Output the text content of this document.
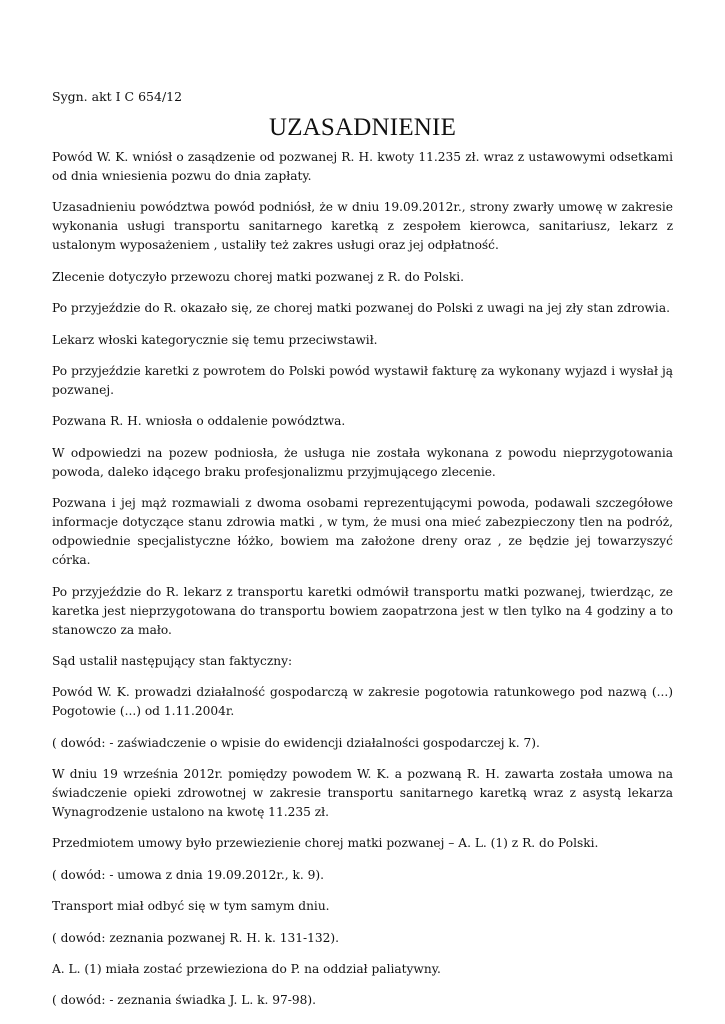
Sygn. akt I C 654/12
UZASADNIENIE

Powód W. K. wniósł o zasądzenie od pozwanej R. H. kwoty 11.235 zł. wraz z ustawowymi odsetkami od dnia wniesienia pozwu do dnia zapłaty.

Uzasadnieniu powództwa powód podniósł, że w dniu 19.09.2012r., strony zwarły umowę w zakresie wykonania usługi transportu sanitarnego karetką z zespołem kierowca, sanitariusz, lekarz z ustalonym wyposażeniem , ustaliły też zakres usługi oraz jej odpłatność.

Zlecenie dotyczyło przewozu chorej matki pozwanej z R. do Polski.

Po przyjeździe do R. okazało się, ze chorej matki pozwanej do Polski z uwagi na jej zły stan zdrowia.

Lekarz włoski kategorycznie się temu przeciwstawił.

Po przyjeździe karetki z powrotem do Polski powód wystawił fakturę za wykonany wyjazd i wysłał ją pozwanej.

Pozwana R. H. wniosła o oddalenie powództwa.

W odpowiedzi na pozew podniosła, że usługa nie została wykonana z powodu nieprzygotowania powoda, daleko idącego braku profesjonalizmu przyjmującego zlecenie.

Pozwana i jej mąż rozmawiali z dwoma osobami reprezentującymi powoda, podawali szczegółowe informacje dotyczące stanu zdrowia matki , w tym, że musi ona mieć zabezpieczony tlen na podróż, odpowiednie specjalistyczne łóżko, bowiem ma założone dreny oraz , ze będzie jej towarzyszyć córka.

Po przyjeździe do R. lekarz z transportu karetki odmówił transportu matki pozwanej, twierdząc, ze karetka jest nieprzygotowana do transportu bowiem zaopatrzona jest w tlen tylko na 4 godziny a to stanowczo za mało.

Sąd ustalił następujący stan faktyczny:

Powód W. K. prowadzi działalność gospodarczą w zakresie pogotowia ratunkowego pod nazwą (...) Pogotowie (...) od 1.11.2004r.

( dowód: - zaświadczenie o wpisie do ewidencji działalności gospodarczej k. 7).

W dniu 19 września 2012r. pomiędzy powodem W. K. a pozwaną R. H. zawarta została umowa na świadczenie opieki zdrowotnej w zakresie transportu sanitarnego karetką wraz z asystą lekarza Wynagrodzenie ustalono na kwotę 11.235 zł.

Przedmiotem umowy było przewiezienie chorej matki pozwanej – A. L. (1) z R. do Polski.

( dowód: - umowa z dnia 19.09.2012r., k. 9).

Transport miał odbyć się w tym samym dniu.

( dowód: zeznania pozwanej R. H. k. 131-132).

A. L. (1) miała zostać przewieziona do P. na oddział paliatywny.

( dowód: - zeznania świadka J. L. k. 97-98).
